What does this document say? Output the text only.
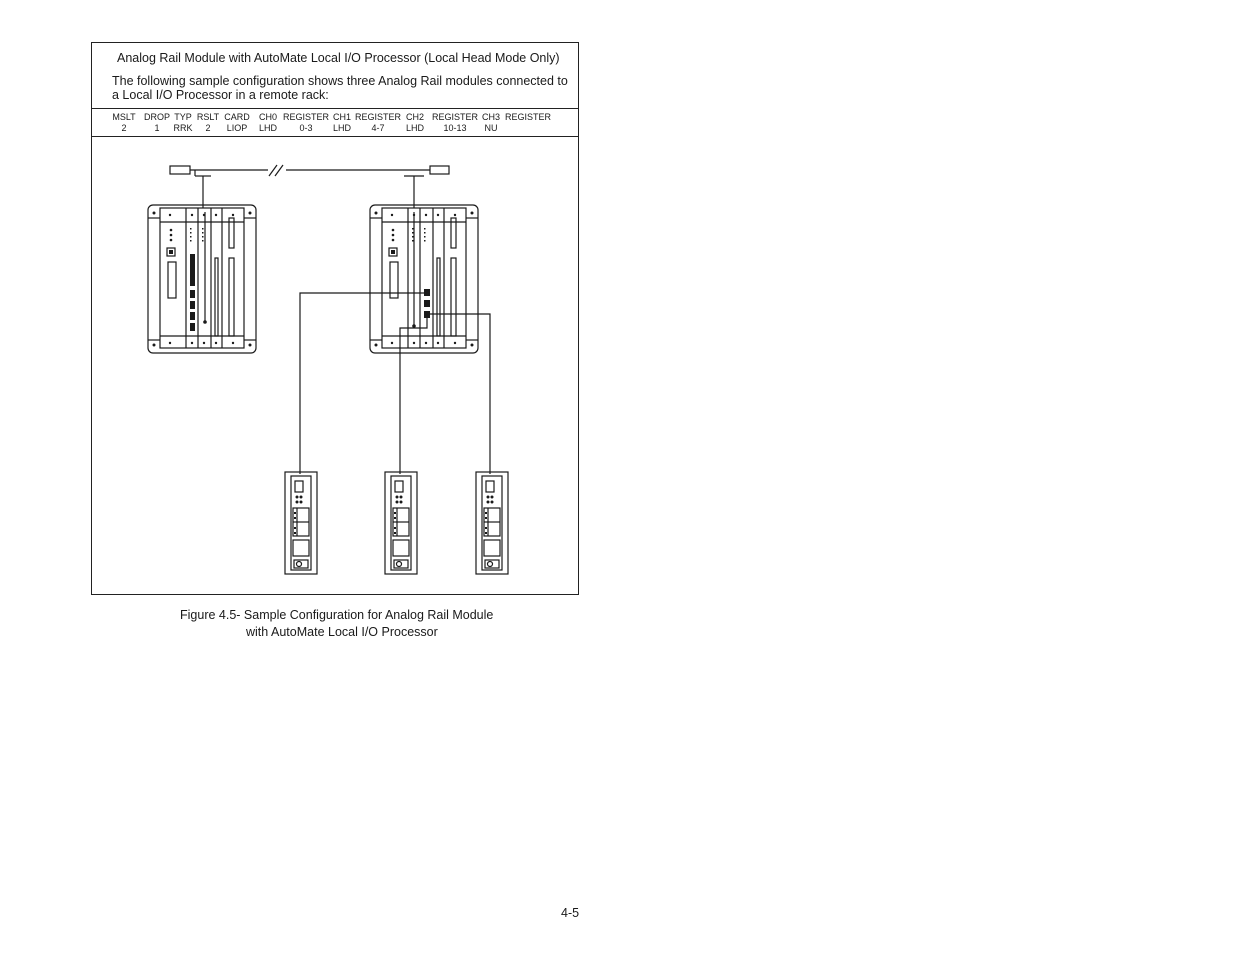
Analog Rail Module with AutoMate Local I/O Processor (Local Head Mode Only)
The following sample configuration shows three Analog Rail modules connected to a Local I/O Processor in a remote rack:
MSLT
2
DROP
1
TYP
RRK
RSLT
2
CARD
LIOP
CH0
LHD
REGISTER
0-3
CH1
LHD
REGISTER
4-7
CH2
LHD
REGISTER
10-13
CH3
NU
REGISTER
Figure 4.5- Sample Configuration for Analog Rail Module
with AutoMate Local I/O Processor
4-5
